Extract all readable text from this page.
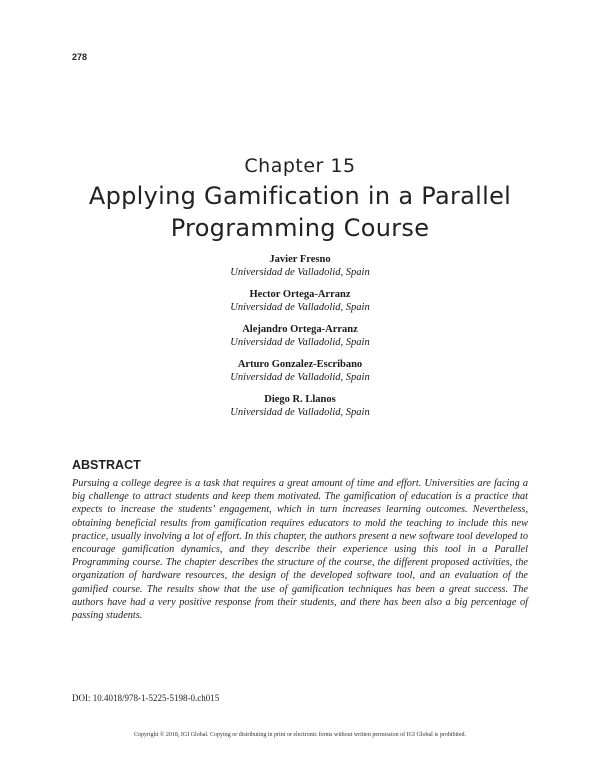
278
Chapter 15
Applying Gamification in a Parallel Programming Course
Javier Fresno
Universidad de Valladolid, Spain
Hector Ortega-Arranz
Universidad de Valladolid, Spain
Alejandro Ortega-Arranz
Universidad de Valladolid, Spain
Arturo Gonzalez-Escribano
Universidad de Valladolid, Spain
Diego R. Llanos
Universidad de Valladolid, Spain
ABSTRACT

Pursuing a college degree is a task that requires a great amount of time and effort. Universities are facing a big challenge to attract students and keep them motivated. The gamification of education is a practice that expects to increase the students’ engagement, which in turn increases learning outcomes. Nevertheless, obtaining beneficial results from gamification requires educators to mold the teaching to include this new practice, usually involving a lot of effort. In this chapter, the authors present a new software tool developed to encourage gamification dynamics, and they describe their experience using this tool in a Parallel Programming course. The chapter describes the structure of the course, the different proposed activities, the organization of hardware resources, the design of the developed software tool, and an evaluation of the gamified course. The results show that the use of gamification techniques has been a great success. The authors have had a very positive response from their students, and there has been also a big percentage of passing students.

DOI: 10.4018/978-1-5225-5198-0.ch015
Copyright © 2018, IGI Global. Copying or distributing in print or electronic forms without written permission of IGI Global is prohibited.
